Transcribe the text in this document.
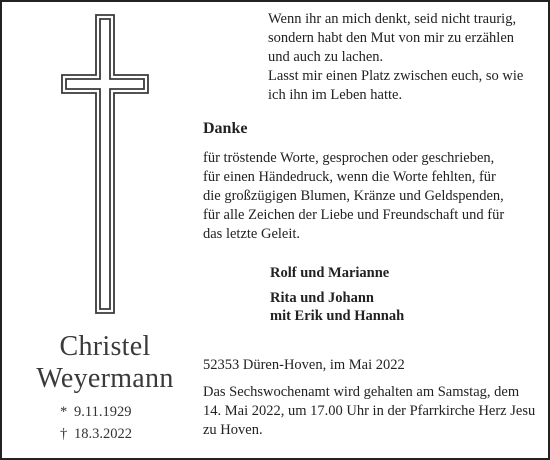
Christel
Weyermann
* 9.11.1929
† 18.3.2022
Wenn ihr an mich denkt, seid nicht traurig,
sondern habt den Mut von mir zu erzählen
und auch zu lachen.
Lasst mir einen Platz zwischen euch, so wie
ich ihn im Leben hatte.
Danke
für tröstende Worte, gesprochen oder geschrieben,
für einen Händedruck, wenn die Worte fehlten, für
die großzügigen Blumen, Kränze und Geldspenden,
für alle Zeichen der Liebe und Freundschaft und für
das letzte Geleit.
Rolf und Marianne
Rita und Johann
mit Erik und Hannah
52353 Düren-Hoven, im Mai 2022
Das Sechswochenamt wird gehalten am Samstag, dem
14. Mai 2022, um 17.00 Uhr in der Pfarrkirche Herz Jesu
zu Hoven.
